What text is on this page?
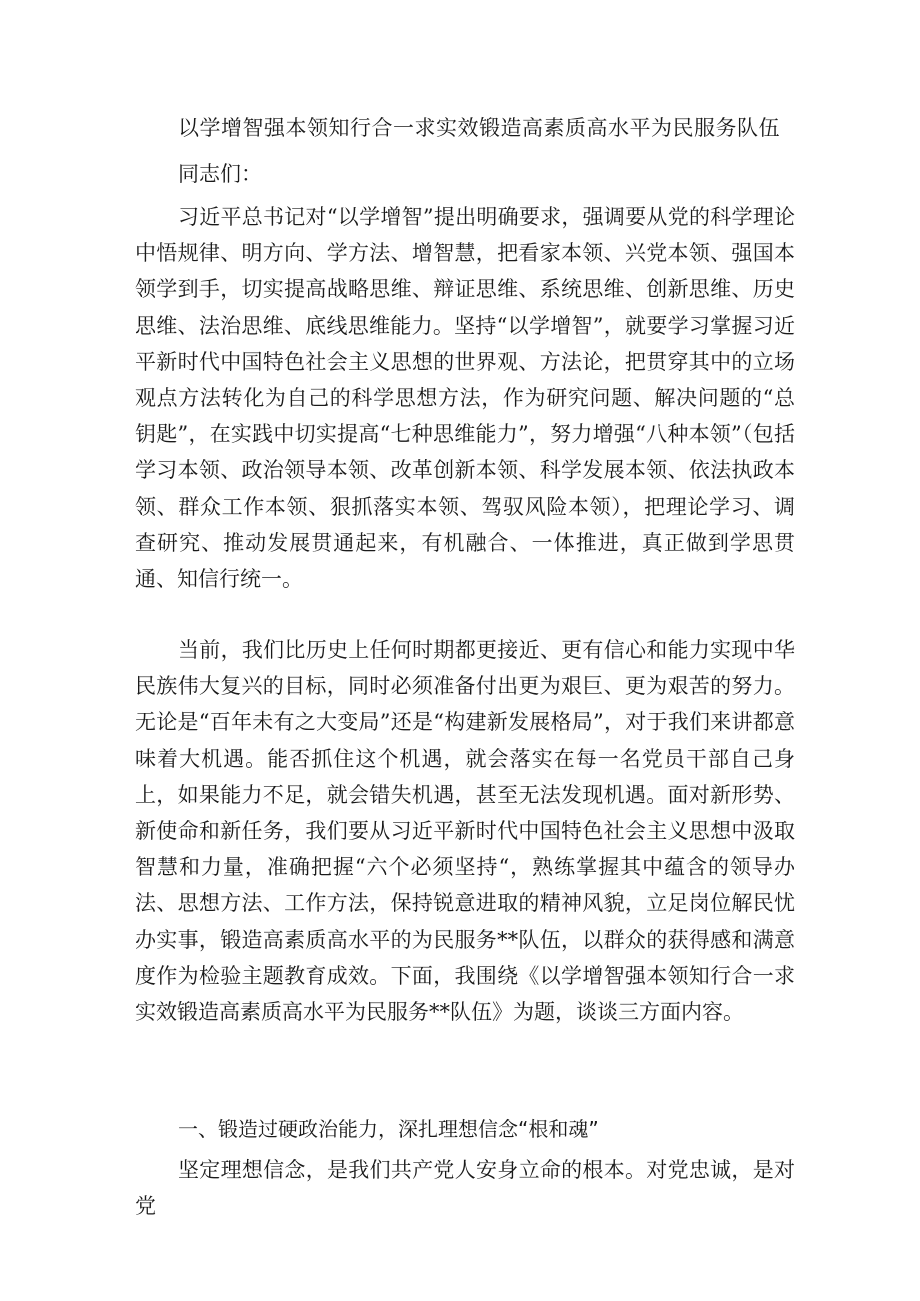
以学增智强本领知行合一求实效锻造高素质高水平为民服务队伍

同志们：

习近平总书记对“以学增智”提出明确要求，强调要从党的科学理论中悟规律、明方向、学方法、增智慧，把看家本领、兴党本领、强国本领学到手，切实提高战略思维、辩证思维、系统思维、创新思维、历史思维、法治思维、底线思维能力。坚持“以学增智”，就要学习掌握习近平新时代中国特色社会主义思想的世界观、方法论，把贯穿其中的立场观点方法转化为自己的科学思想方法，作为研究问题、解决问题的“总钥匙”，在实践中切实提高“七种思维能力”，努力增强“八种本领”（包括学习本领、政治领导本领、改革创新本领、科学发展本领、依法执政本领、群众工作本领、狠抓落实本领、驾驭风险本领），把理论学习、调查研究、推动发展贯通起来，有机融合、一体推进，真正做到学思贯通、知信行统一。

当前，我们比历史上任何时期都更接近、更有信心和能力实现中华民族伟大复兴的目标，同时必须准备付出更为艰巨、更为艰苦的努力。无论是“百年未有之大变局”还是“构建新发展格局”，对于我们来讲都意味着大机遇。能否抓住这个机遇，就会落实在每一名党员干部自己身上，如果能力不足，就会错失机遇，甚至无法发现机遇。面对新形势、新使命和新任务，我们要从习近平新时代中国特色社会主义思想中汲取智慧和力量，准确把握“六个必须坚持“，熟练掌握其中蕴含的领导办法、思想方法、工作方法，保持锐意进取的精神风貌，立足岗位解民忧办实事，锻造高素质高水平的为民服务**队伍，以群众的获得感和满意度作为检验主题教育成效。下面，我围绕《以学增智强本领知行合一求实效锻造高素质高水平为民服务**队伍》为题，谈谈三方面内容。

一、锻造过硬政治能力，深扎理想信念“根和魂”

坚定理想信念，是我们共产党人安身立命的根本。对党忠诚，是对党
